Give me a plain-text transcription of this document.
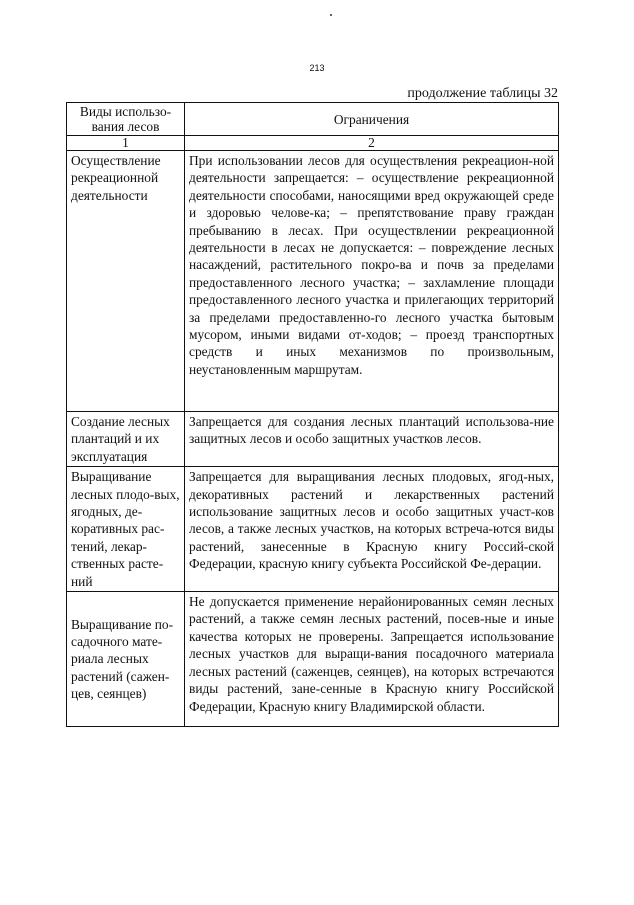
213
продолжение таблицы 32
Виды использо-вания лесов	Ограничения
1	2
Осуществление рекреационной деятельности	При использовании лесов для осуществления рекреацион-ной деятельности запрещается: – осуществление рекреационной деятельности способами, наносящими вред окружающей среде и здоровью челове-ка; – препятствование праву граждан пребыванию в лесах. При осуществлении рекреационной деятельности в лесах не допускается: – повреждение лесных насаждений, растительного покро-ва и почв за пределами предоставленного лесного участка; – захламление площади предоставленного лесного участка и прилегающих территорий за пределами предоставленно-го лесного участка бытовым мусором, иными видами от-ходов; – проезд транспортных средств и иных механизмов по произвольным, неустановленным маршрутам.
Создание лесных плантаций и их эксплуатация	Запрещается для создания лесных плантаций использова-ние защитных лесов и особо защитных участков лесов.
Выращивание лесных плодо-вых, ягодных, де-коративных рас-тений, лекар-ственных расте-ний	Запрещается для выращивания лесных плодовых, ягод-ных, декоративных растений и лекарственных растений использование защитных лесов и особо защитных участ-ков лесов, а также лесных участков, на которых встреча-ются виды растений, занесенные в Красную книгу Россий-ской Федерации, красную книгу субъекта Российской Фе-дерации.
Выращивание по-садочного мате-риала лесных растений (сажен-цев, сеянцев)	Не допускается применение нерайонированных семян лесных растений, а также семян лесных растений, посев-ные и иные качества которых не проверены. Запрещается использование лесных участков для выращи-вания посадочного материала лесных растений (саженцев, сеянцев), на которых встречаются виды растений, зане-сенные в Красную книгу Российской Федерации, Красную книгу Владимирской области.
